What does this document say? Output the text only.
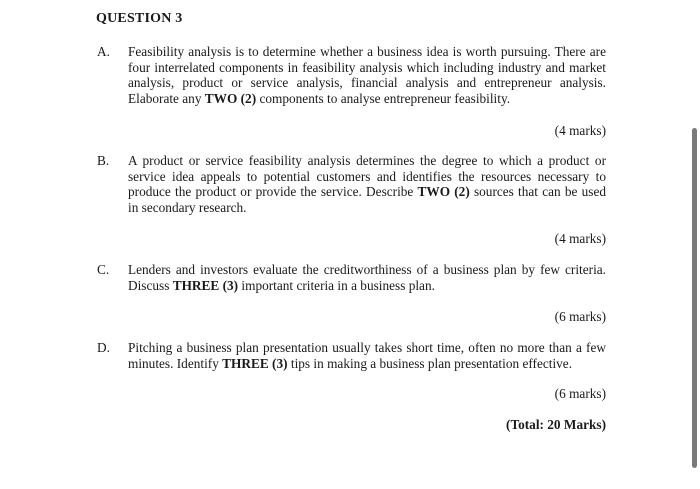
QUESTION 3
A. Feasibility analysis is to determine whether a business idea is worth pursuing. There are four interrelated components in feasibility analysis which including industry and market analysis, product or service analysis, financial analysis and entrepreneur analysis. Elaborate any TWO (2) components to analyse entrepreneur feasibility.
(4 marks)
B. A product or service feasibility analysis determines the degree to which a product or service idea appeals to potential customers and identifies the resources necessary to produce the product or provide the service. Describe TWO (2) sources that can be used in secondary research.
(4 marks)
C. Lenders and investors evaluate the creditworthiness of a business plan by few criteria. Discuss THREE (3) important criteria in a business plan.
(6 marks)
D. Pitching a business plan presentation usually takes short time, often no more than a few minutes. Identify THREE (3) tips in making a business plan presentation effective.
(6 marks)
(Total: 20 Marks)
